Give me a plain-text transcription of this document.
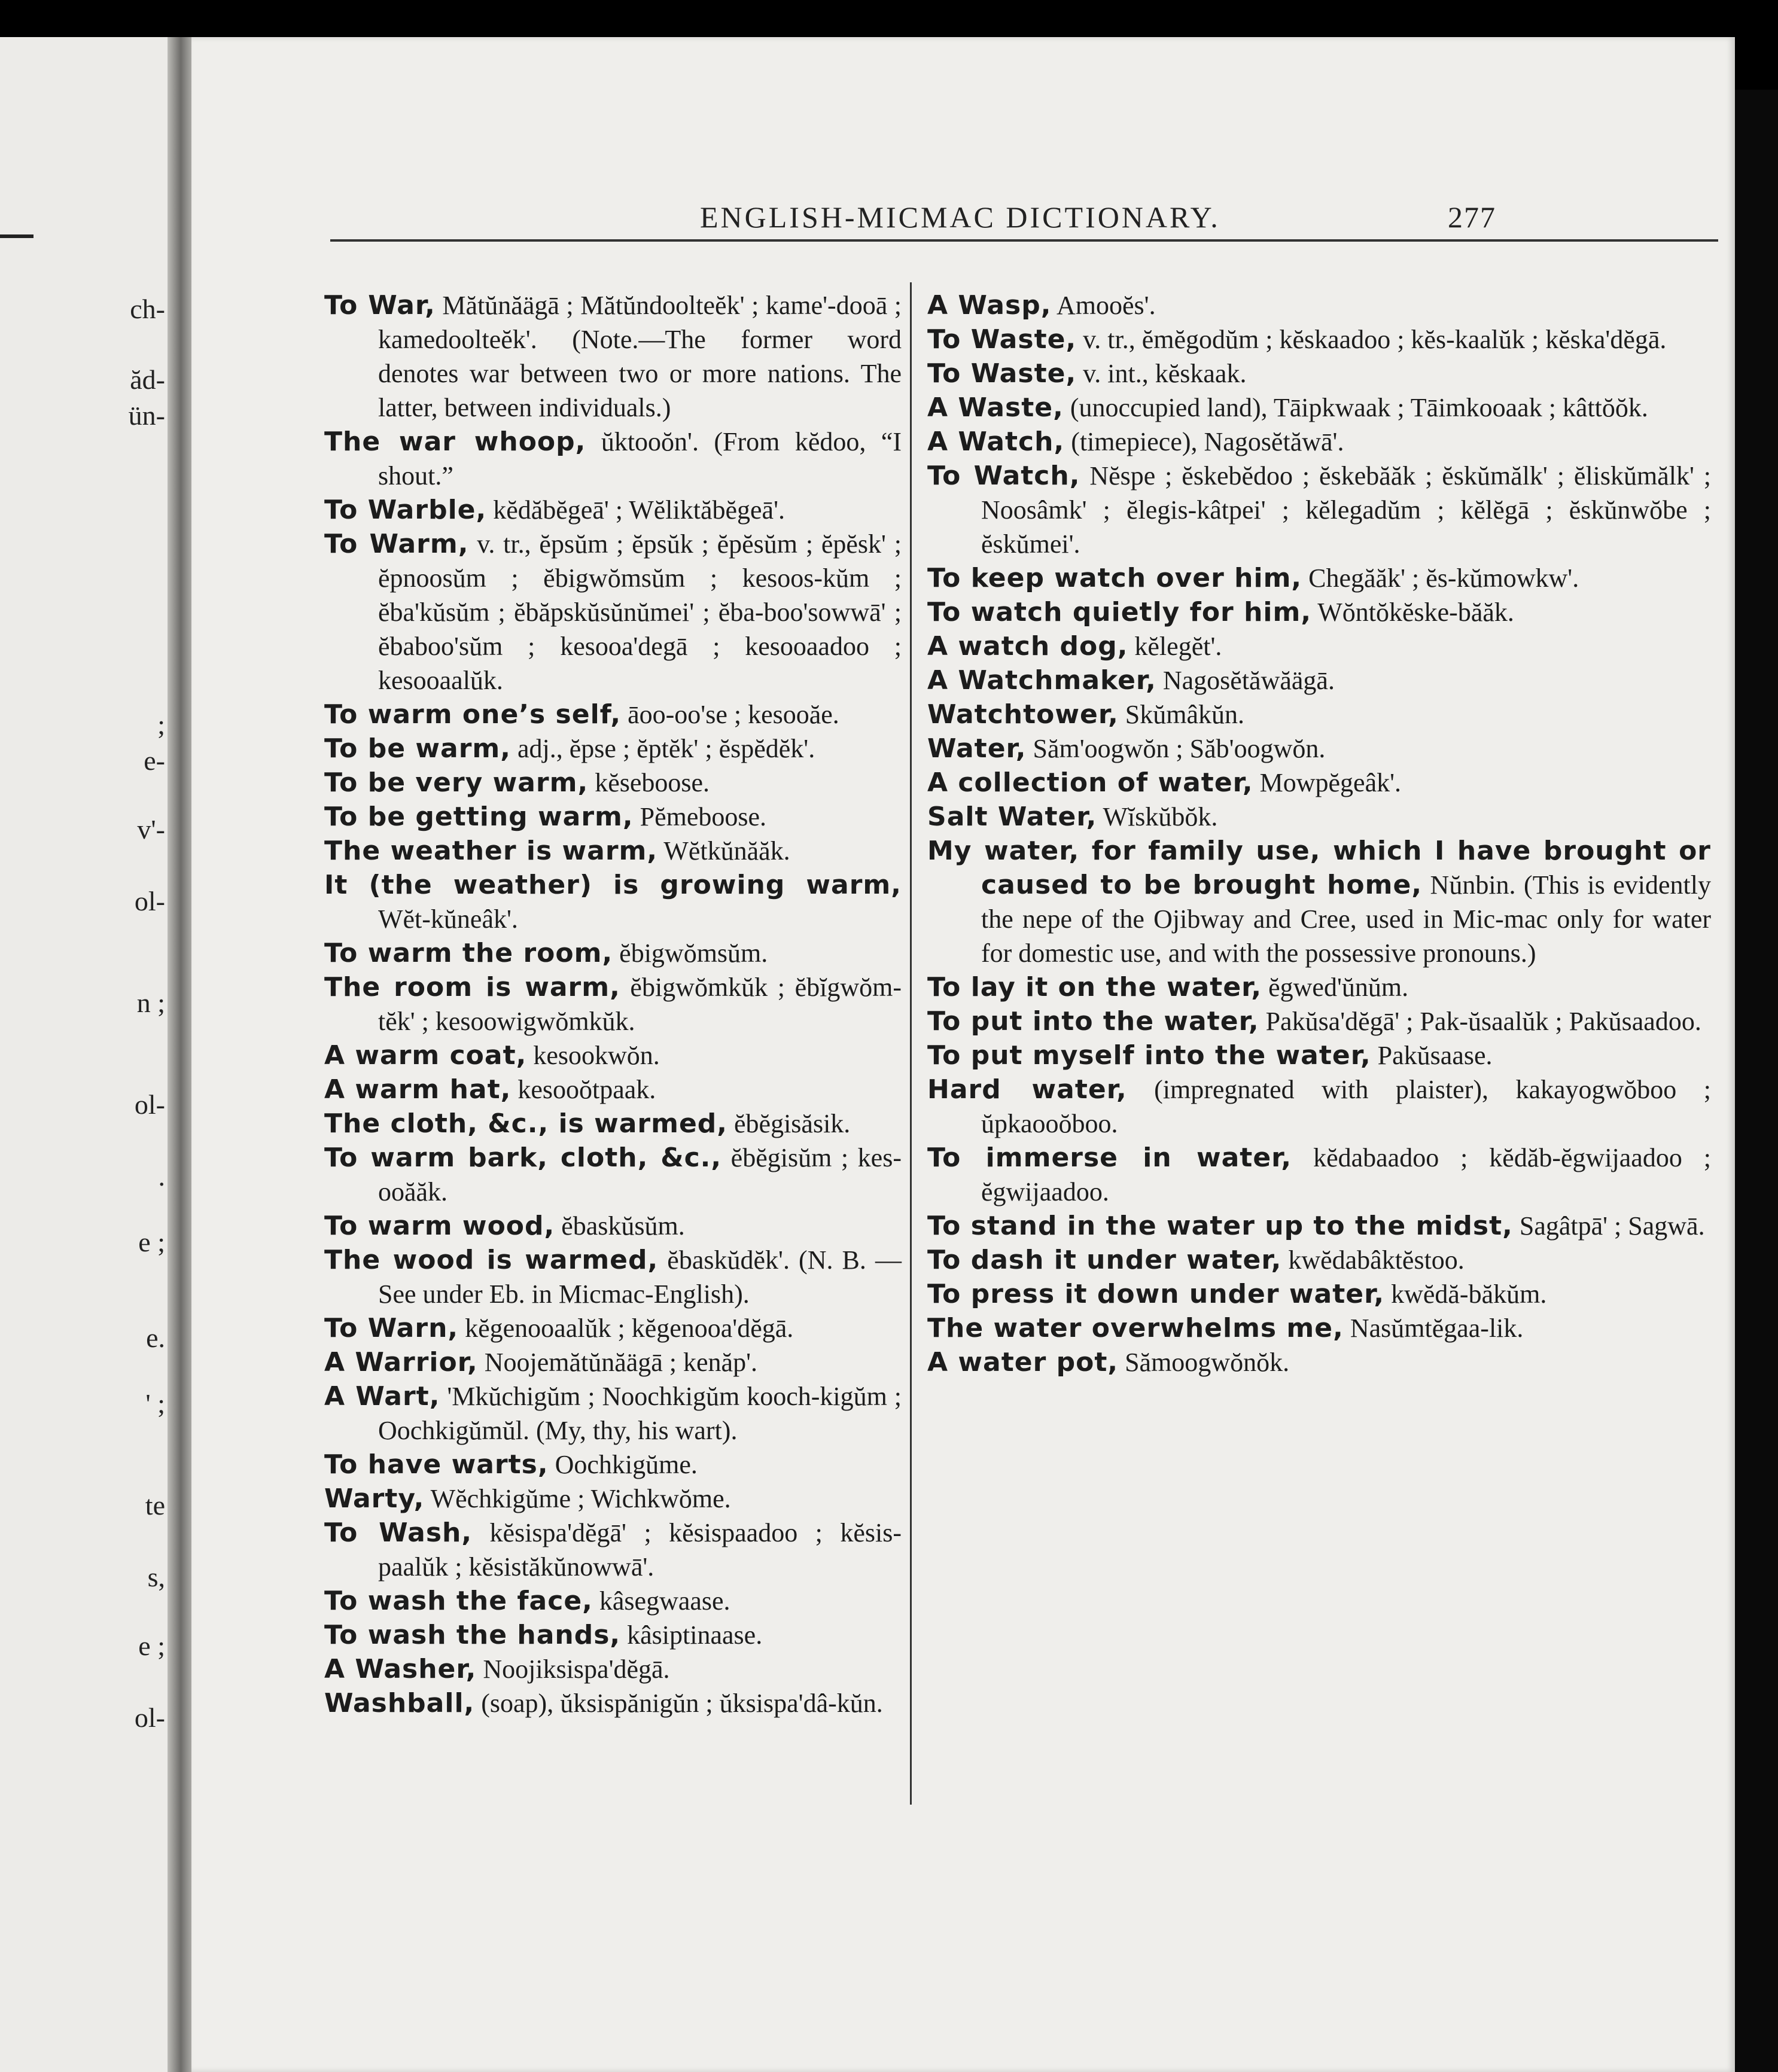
ch-
ăd-
ün-
;
e-
v'-
ol-
n ;
ol-
.
e ;
e.
' ;
te
s,
e ;
ol-
ENGLISH-MICMAC DICTIONARY.	277

To War, Mătŭnăägā ; Mătŭndoolteĕk' ; kame'-dooā ; kamedoolteĕk'. (Note.—The former word denotes war between two or more nations. The latter, between individuals.)

The war whoop, ŭktooŏn'. (From kĕdoo, “I shout.”

To Warble, kĕdăbĕgeā' ; Wĕliktăbĕgeā'.

To Warm, v. tr., ĕpsŭm ; ĕpsŭk ; ĕpĕsŭm ; ĕpĕsk' ; ĕpnoosŭm ; ĕbigwŏmsŭm ; kesoos-kŭm ; ĕba'kŭsŭm ; ĕbăpskŭsŭnŭmei' ; ĕba-boo'sowwā' ; ĕbaboo'sŭm ; kesooa'degā ; kesooaadoo ; kesooaalŭk.

To warm one’s self, āoo-oo'se ; kesooăe.

To be warm, adj., ĕpse ; ĕptĕk' ; ĕspĕdĕk'.

To be very warm, kĕseboose.

To be getting warm, Pĕmeboose.

The weather is warm, Wĕtkŭnăăk.

It (the weather) is growing warm, Wĕt-kŭneâk'.

To warm the room, ĕbigwŏmsŭm.

The room is warm, ĕbigwŏmkŭk ; ĕbĭgwŏm-tĕk' ; kesoowigwŏmkŭk.

A warm coat, kesookwŏn.

A warm hat, kesooŏtpaak.

The cloth, &c., is warmed, ĕbĕgisăsik.

To warm bark, cloth, &c., ĕbĕgisŭm ; kes-ooăăk.

To warm wood, ĕbaskŭsŭm.

The wood is warmed, ĕbaskŭdĕk'. (N. B. —See under Eb. in Micmac-English).

To Warn, kĕgenooaalŭk ; kĕgenooa'dĕgā.

A Warrior, Noojemătŭnăägā ; kenăp'.

A Wart, 'Mkŭchigŭm ; Noochkigŭm kooch-kigŭm ; Oochkigŭmŭl. (My, thy, his wart).

To have warts, Oochkigŭme.

Warty, Wĕchkigŭme ; Wichkwŏme.

To Wash, kĕsispa'dĕgā' ; kĕsispaadoo ; kĕsis-paalŭk ; kĕsistăkŭnowwā'.

To wash the face, kâsegwaase.

To wash the hands, kâsiptinaase.

A Washer, Noojiksispa'dĕgā.

Washball, (soap), ŭksispănigŭn ; ŭksispa'dâ-kŭn.

A Wasp, Amooĕs'.

To Waste, v. tr., ĕmĕgodŭm ; kĕskaadoo ; kĕs-kaalŭk ; kĕska'dĕgā.

To Waste, v. int., kĕskaak.

A Waste, (unoccupied land), Tāipkwaak ; Tāimkooaak ; kâttŏŏk.

A Watch, (timepiece), Nagosĕtăwā'.

To Watch, Nĕspe ; ĕskebĕdoo ; ĕskebăăk ; ĕskŭmălk' ; ĕliskŭmălk' ; Noosâmk' ; ĕlegis-kâtpei' ; kĕlegadŭm ; kĕlĕgā ; ĕskŭnwŏbe ; ĕskŭmei'.

To keep watch over him, Chegăăk' ; ĕs-kŭmowkw'.

To watch quietly for him, Wŏntŏkĕske-băăk.

A watch dog, kĕlegĕt'.

A Watchmaker, Nagosĕtăwăägā.

Watchtower, Skŭmâkŭn.

Water, Săm'oogwŏn ; Săb'oogwŏn.

A collection of water, Mowpĕgeâk'.

Salt Water, Wĭskŭbŏk.

My water, for family use, which I have brought or caused to be brought home, Nŭnbin. (This is evidently the nepe of the Ojibway and Cree, used in Mic-mac only for water for domestic use, and with the possessive pronouns.)

To lay it on the water, ĕgwed'ŭnŭm.

To put into the water, Pakŭsa'dĕgā' ; Pak-ŭsaalŭk ; Pakŭsaadoo.

To put myself into the water, Pakŭsaase.

Hard water, (impregnated with plaister), kakayogwŏboo ; ŭpkaooŏboo.

To immerse in water, kĕdabaadoo ; kĕdăb-ĕgwijaadoo ; ĕgwijaadoo.

To stand in the water up to the midst, Sagâtpā' ; Sagwā.

To dash it under water, kwĕdabâktĕstoo.

To press it down under water, kwĕdă-băkŭm.

The water overwhelms me, Nasŭmtĕgaa-lik.

A water pot, Sămoogwŏnŏk.
